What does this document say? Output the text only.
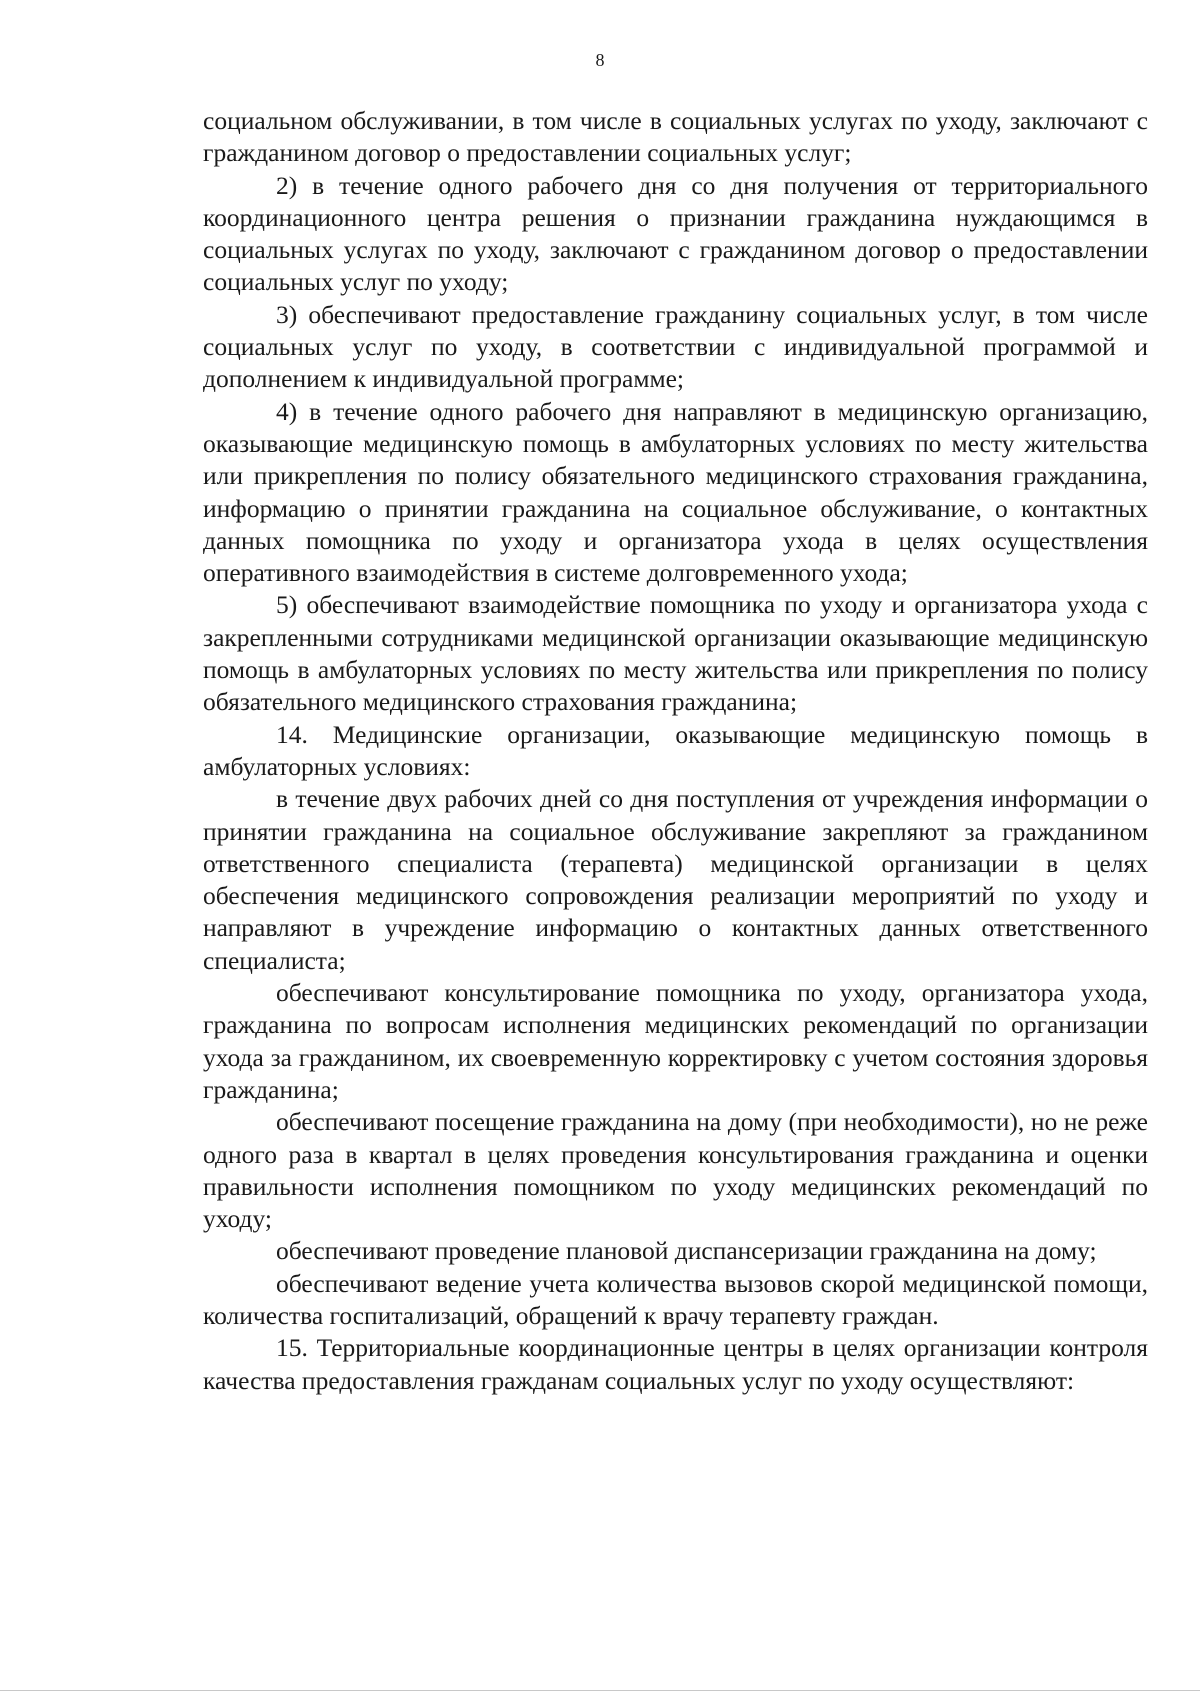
8

социальном обслуживании, в том числе в социальных услугах по уходу, заключают с гражданином договор о предоставлении социальных услуг;

2) в течение одного рабочего дня со дня получения от территориального координационного центра решения о признании гражданина нуждающимся в социальных услугах по уходу, заключают с гражданином договор о предоставлении социальных услуг по уходу;

3) обеспечивают предоставление гражданину социальных услуг, в том числе социальных услуг по уходу, в соответствии с индивидуальной программой и дополнением к индивидуальной программе;

4) в течение одного рабочего дня направляют в медицинскую организацию, оказывающие медицинскую помощь в амбулаторных условиях по месту жительства или прикрепления по полису обязательного медицинского страхования гражданина, информацию о принятии гражданина на социальное обслуживание, о контактных данных помощника по уходу и организатора ухода в целях осуществления оперативного взаимодействия в системе долговременного ухода;

5) обеспечивают взаимодействие помощника по уходу и организатора ухода с закрепленными сотрудниками медицинской организации оказывающие медицинскую помощь в амбулаторных условиях по месту жительства или прикрепления по полису обязательного медицинского страхования гражданина;

14. Медицинские организации, оказывающие медицинскую помощь в амбулаторных условиях:

в течение двух рабочих дней со дня поступления от учреждения информации о принятии гражданина на социальное обслуживание закрепляют за гражданином ответственного специалиста (терапевта) медицинской организации в целях обеспечения медицинского сопровождения реализации мероприятий по уходу и направляют в учреждение информацию о контактных данных ответственного специалиста;

обеспечивают консультирование помощника по уходу, организатора ухода, гражданина по вопросам исполнения медицинских рекомендаций по организации ухода за гражданином, их своевременную корректировку с учетом состояния здоровья гражданина;

обеспечивают посещение гражданина на дому (при необходимости), но не реже одного раза в квартал в целях проведения консультирования гражданина и оценки правильности исполнения помощником по уходу медицинских рекомендаций по уходу;

обеспечивают проведение плановой диспансеризации гражданина на дому;

обеспечивают ведение учета количества вызовов скорой медицинской помощи, количества госпитализаций, обращений к врачу терапевту граждан.

15. Территориальные координационные центры в целях организации контроля качества предоставления гражданам социальных услуг по уходу осуществляют:
